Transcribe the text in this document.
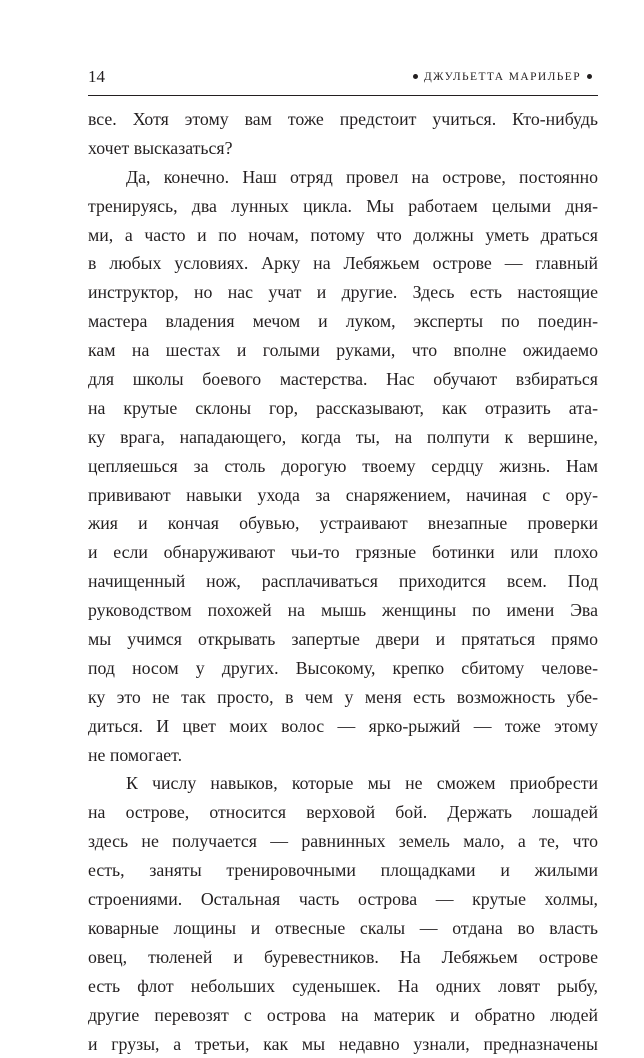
14	ДЖУЛЬЕТТА МАРИЛЬЕР
все. Хотя этому вам тоже предстоит учиться. Кто-нибудь
хочет высказаться?
Да, конечно. Наш отряд провел на острове, постоянно
тренируясь, два лунных цикла. Мы работаем целыми дня-
ми, а часто и по ночам, потому что должны уметь драться
в любых условиях. Арку на Лебяжьем острове — главный
инструктор, но нас учат и другие. Здесь есть настоящие
мастера владения мечом и луком, эксперты по поедин-
кам на шестах и голыми руками, что вполне ожидаемо
для школы боевого мастерства. Нас обучают взбираться
на крутые склоны гор, рассказывают, как отразить ата-
ку врага, нападающего, когда ты, на полпути к вершине,
цепляешься за столь дорогую твоему сердцу жизнь. Нам
прививают навыки ухода за снаряжением, начиная с ору-
жия и кончая обувью, устраивают внезапные проверки
и если обнаруживают чьи-то грязные ботинки или плохо
начищенный нож, расплачиваться приходится всем. Под
руководством похожей на мышь женщины по имени Эва
мы учимся открывать запертые двери и прятаться прямо
под носом у других. Высокому, крепко сбитому челове-
ку это не так просто, в чем у меня есть возможность убе-
диться. И цвет моих волос — ярко-рыжий — тоже этому
не помогает.
К числу навыков, которые мы не сможем приобрести
на острове, относится верховой бой. Держать лошадей
здесь не получается — равнинных земель мало, а те, что
есть, заняты тренировочными площадками и жилыми
строениями. Остальная часть острова — крутые холмы,
коварные лощины и отвесные скалы — отдана во власть
овец, тюленей и буревестников. На Лебяжьем острове
есть флот небольших суденышек. На одних ловят рыбу,
другие перевозят с острова на материк и обратно людей
и грузы, а третьи, как мы недавно узнали, предназначены
